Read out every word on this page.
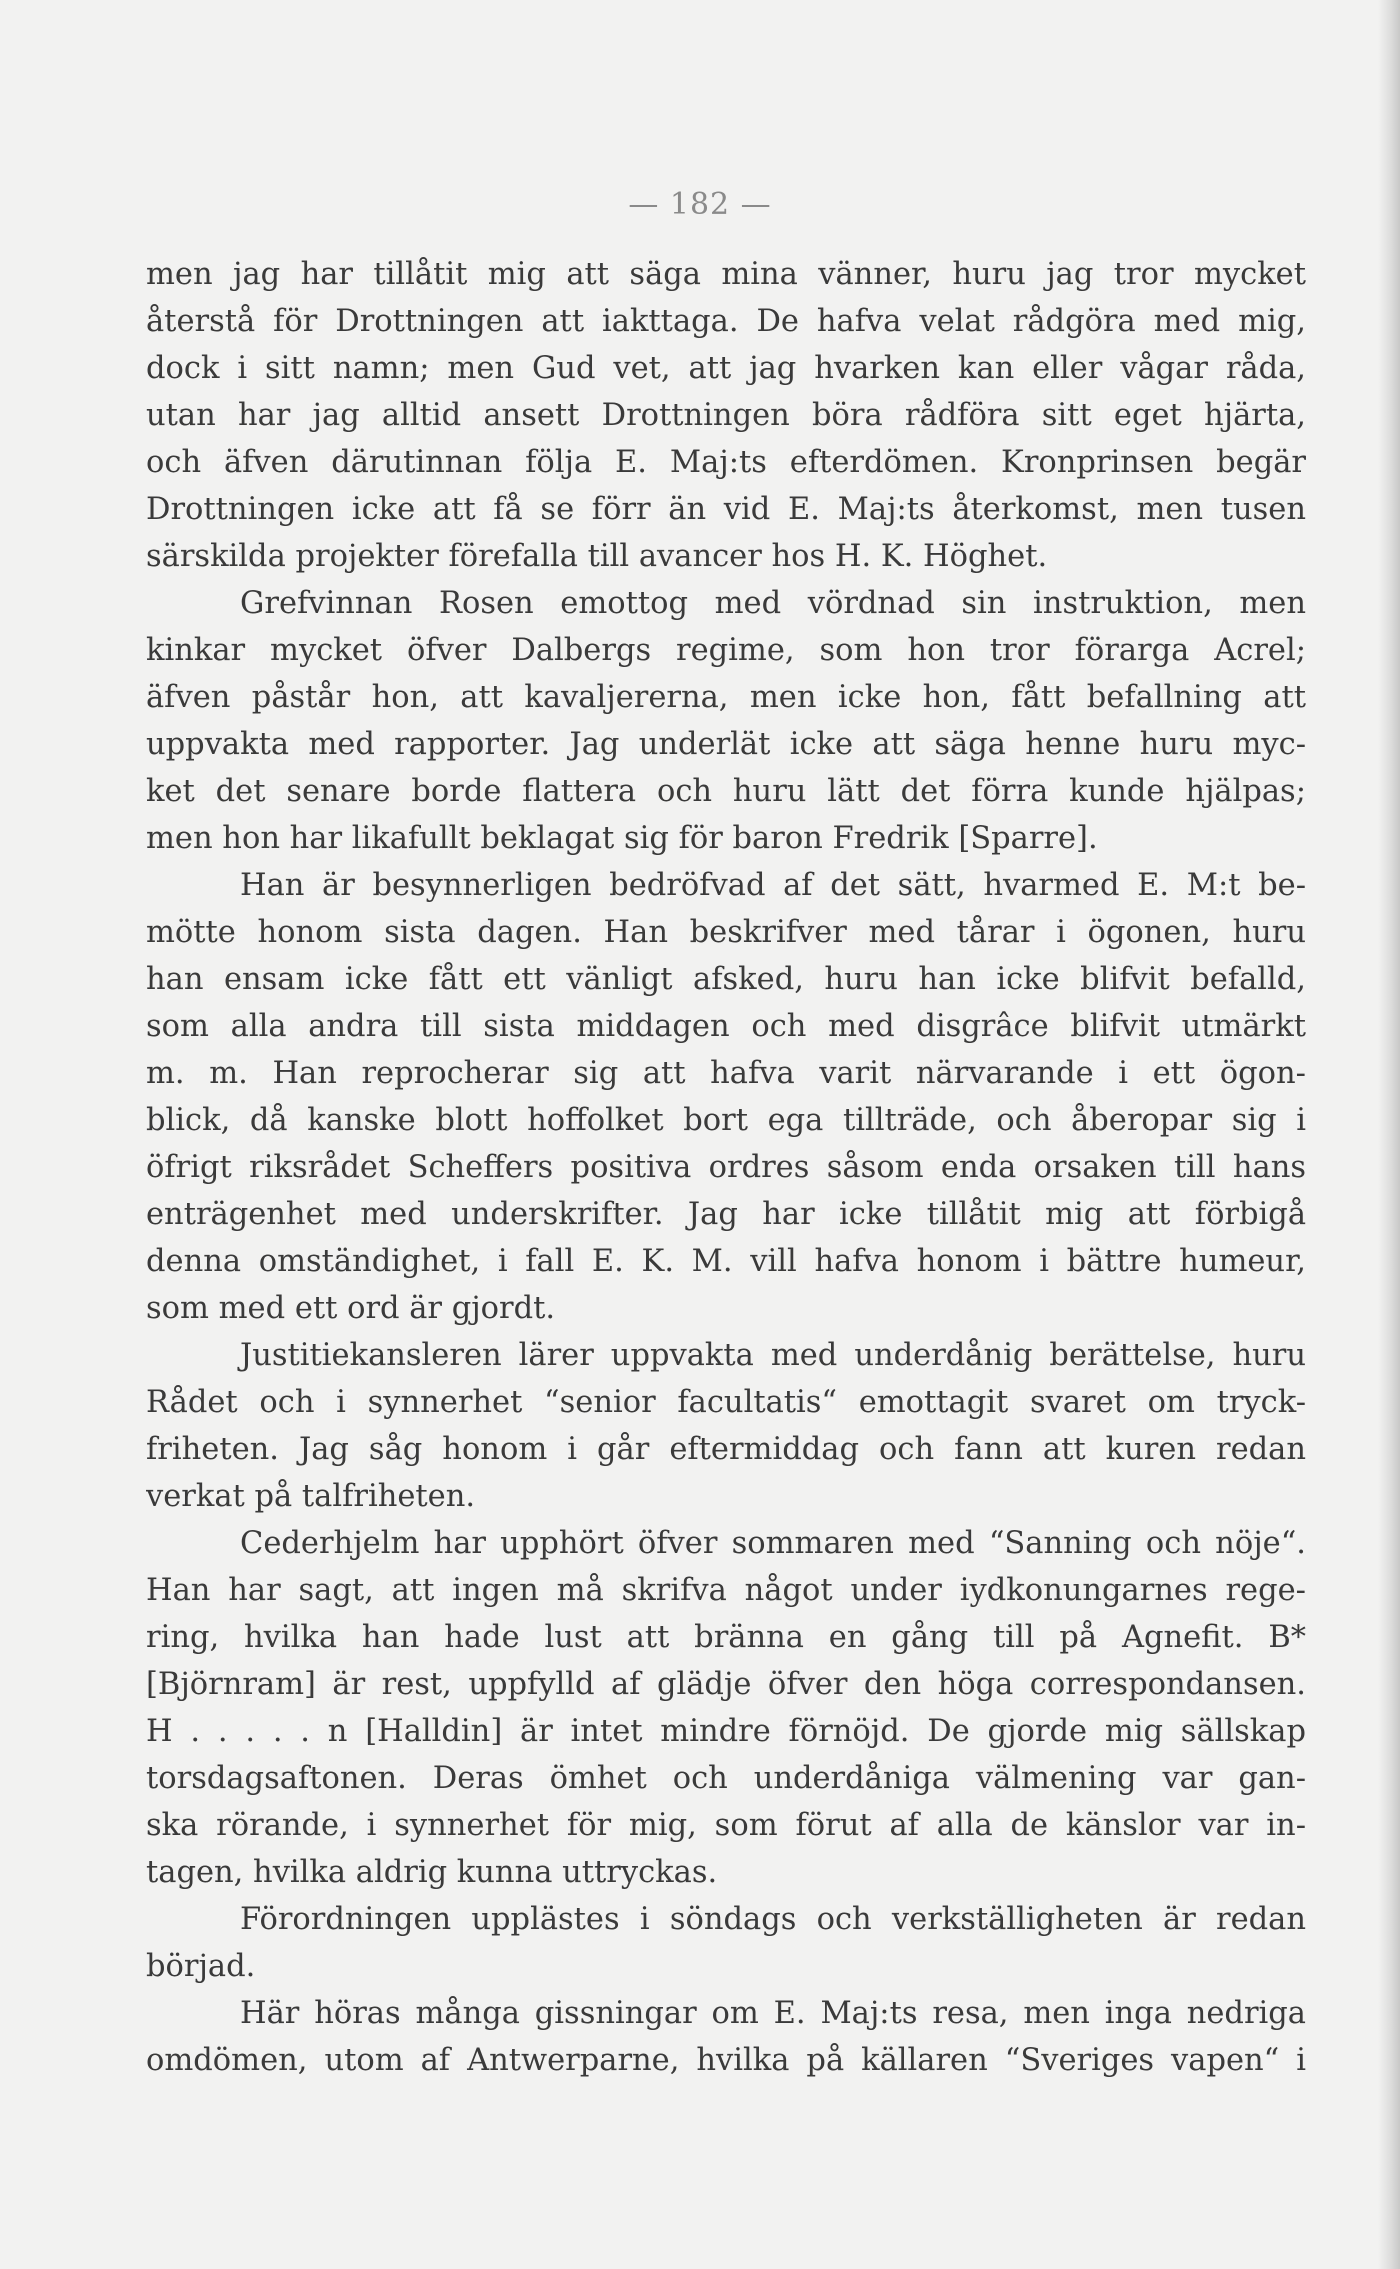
— 182 —
men jag har tillåtit mig att säga mina vänner, huru jag tror mycket
återstå för Drottningen att iakttaga. De hafva velat rådgöra med mig,
dock i sitt namn; men Gud vet, att jag hvarken kan eller vågar råda,
utan har jag alltid ansett Drottningen böra rådföra sitt eget hjärta,
och äfven därutinnan följa E. Maj:ts efterdömen. Kronprinsen begär
Drottningen icke att få se förr än vid E. Maj:ts återkomst, men tusen
särskilda projekter förefalla till avancer hos H. K. Höghet.
Grefvinnan Rosen emottog med vördnad sin instruktion, men
kinkar mycket öfver Dalbergs regime, som hon tror förarga Acrel;
äfven påstår hon, att kavaljererna, men icke hon, fått befallning att
uppvakta med rapporter. Jag underlät icke att säga henne huru myc-
ket det senare borde flattera och huru lätt det förra kunde hjälpas;
men hon har likafullt beklagat sig för baron Fredrik [Sparre].
Han är besynnerligen bedröfvad af det sätt, hvarmed E. M:t be-
mötte honom sista dagen. Han beskrifver med tårar i ögonen, huru
han ensam icke fått ett vänligt afsked, huru han icke blifvit befalld,
som alla andra till sista middagen och med disgrâce blifvit utmärkt
m. m. Han reprocherar sig att hafva varit närvarande i ett ögon-
blick, då kanske blott hoffolket bort ega tillträde, och åberopar sig i
öfrigt riksrådet Scheffers positiva ordres såsom enda orsaken till hans
enträgenhet med underskrifter. Jag har icke tillåtit mig att förbigå
denna omständighet, i fall E. K. M. vill hafva honom i bättre humeur,
som med ett ord är gjordt.
Justitiekansleren lärer uppvakta med underdånig berättelse, huru
Rådet och i synnerhet “senior facultatis“ emottagit svaret om tryck-
friheten. Jag såg honom i går eftermiddag och fann att kuren redan
verkat på talfriheten.
Cederhjelm har upphört öfver sommaren med “Sanning och nöje“.
Han har sagt, att ingen må skrifva något under iydkonungarnes rege-
ring, hvilka han hade lust att bränna en gång till på Agnefit. B*
[Björnram] är rest, uppfylld af glädje öfver den höga correspondansen.
H . . . . . n [Halldin] är intet mindre förnöjd. De gjorde mig sällskap
torsdagsaftonen. Deras ömhet och underdåniga välmening var gan-
ska rörande, i synnerhet för mig, som förut af alla de känslor var in-
tagen, hvilka aldrig kunna uttryckas.
Förordningen upplästes i söndags och verkställigheten är redan
börjad.
Här höras många gissningar om E. Maj:ts resa, men inga nedriga
omdömen, utom af Antwerparne, hvilka på källaren “Sveriges vapen“ i
